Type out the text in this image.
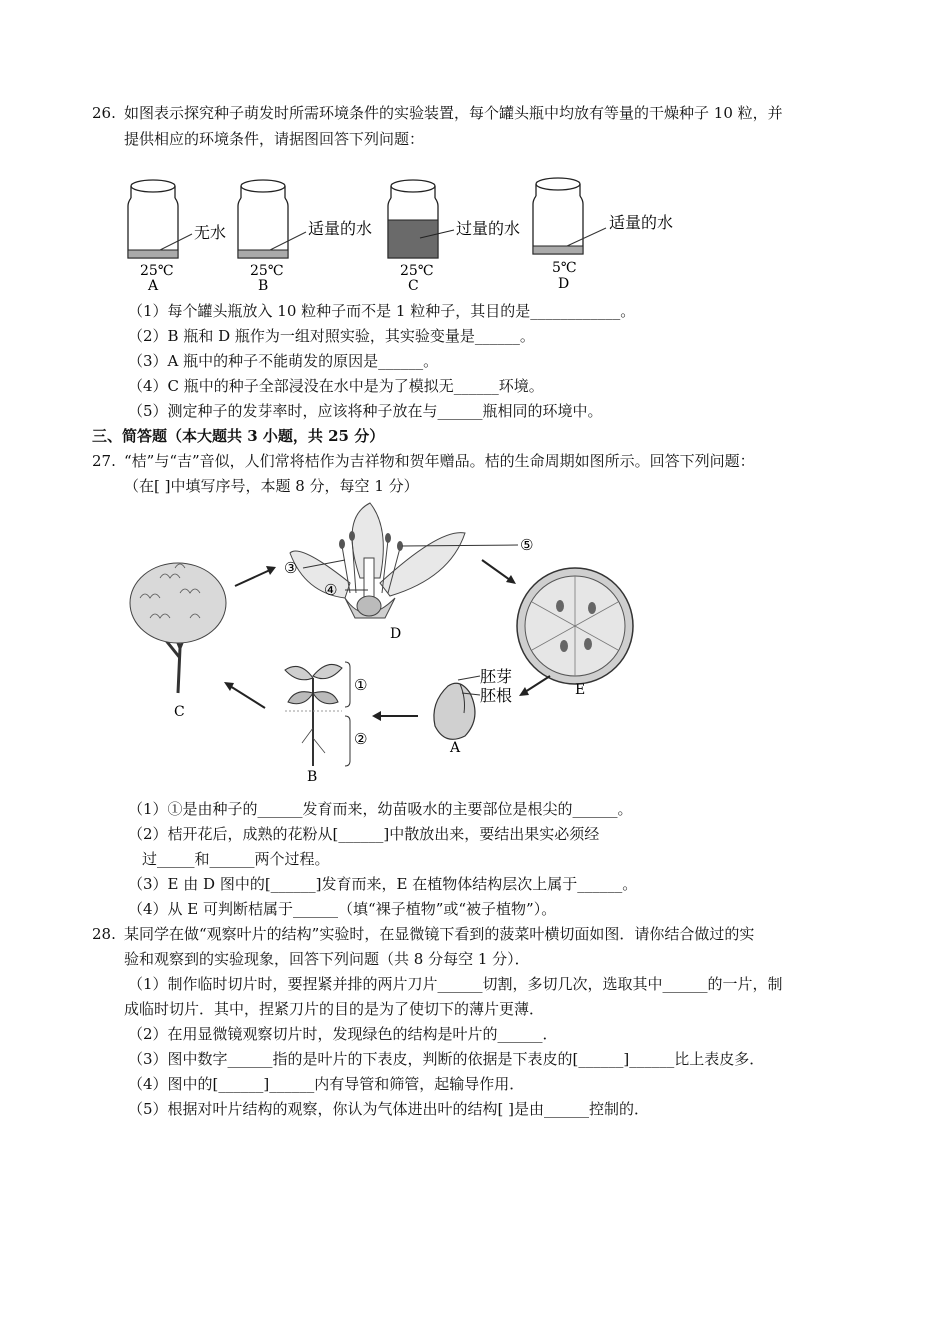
26. 如图表示探究种子萌发时所需环境条件的实验装置，每个罐头瓶中均放有等量的干燥种子 10 粒，并
提供相应的环境条件，请据图回答下列问题：
无水
25℃
A
适量的水
25℃
B
过量的水
25℃
C
适量的水
5℃
D
（1）每个罐头瓶放入 10 粒种子而不是 1 粒种子，其目的是____________。
（2）B 瓶和 D 瓶作为一组对照实验，其实验变量是______。
（3）A 瓶中的种子不能萌发的原因是______。
（4）C 瓶中的种子全部浸没在水中是为了模拟无______环境。
（5）测定种子的发芽率时，应该将种子放在与______瓶相同的环境中。
三、简答题（本大题共 3 小题，共 25 分）
27. “桔”与“吉”音似，人们常将桔作为吉祥物和贺年赠品。桔的生命周期如图所示。回答下列问题：
（在[ ]中填写序号，本题 8 分，每空 1 分）
C
③
④
⑤
D
E
胚芽
胚根
A
①
②
B
（1）①是由种子的______发育而来，幼苗吸水的主要部位是根尖的______。
（2）桔开花后，成熟的花粉从[______]中散放出来，要结出果实必须经
过_____和______两个过程。
（3）E 由 D 图中的[______]发育而来，E 在植物体结构层次上属于______。
（4）从 E 可判断桔属于______（填“裸子植物”或“被子植物”）。
28. 某同学在做“观察叶片的结构”实验时，在显微镜下看到的菠菜叶横切面如图．请你结合做过的实
验和观察到的实验现象，回答下列问题（共 8 分每空 1 分）．
（1）制作临时切片时，要捏紧并排的两片刀片______切割，多切几次，选取其中______的一片，制
成临时切片．其中，捏紧刀片的目的是为了使切下的薄片更薄．
（2）在用显微镜观察切片时，发现绿色的结构是叶片的______．
（3）图中数字______指的是叶片的下表皮，判断的依据是下表皮的[______]______比上表皮多．
（4）图中的[______]______内有导管和筛管，起输导作用．
（5）根据对叶片结构的观察，你认为气体进出叶的结构[ ]是由______控制的．
